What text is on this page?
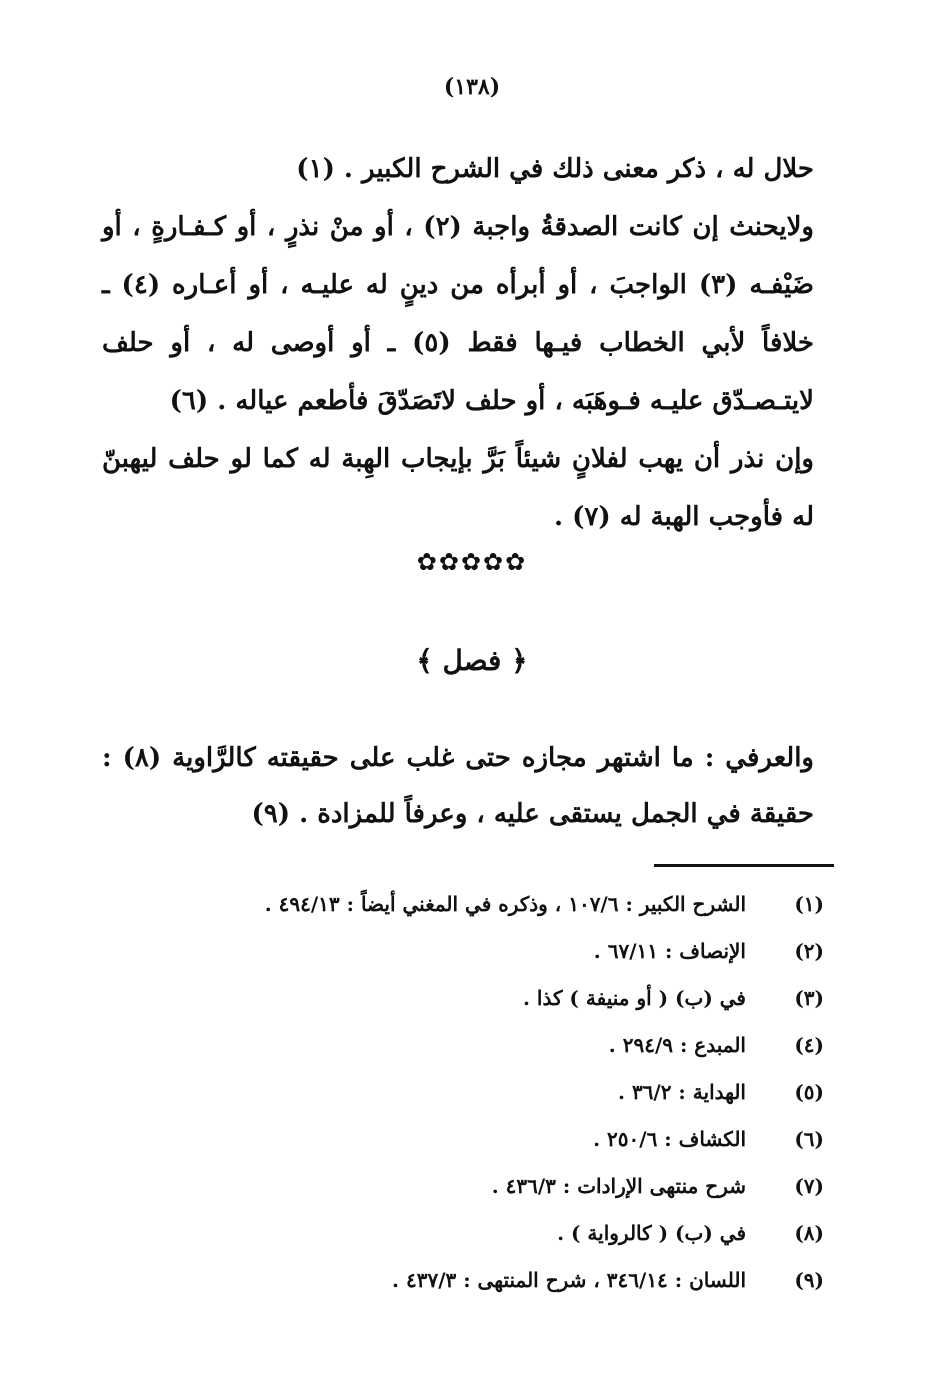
(١٣٨)

حلال له ، ذكر معنى ذلك في الشرح الكبير . (١)

ولايحنث إن كانت الصدقةُ واجبة (٢) ، أو منْ نذرٍ ، أو كـفـارةٍ ، أو ضَيْفـه (٣) الواجبَ ، أو أبرأه من دينٍ له عليـه ، أو أعـاره (٤) ـ خلافاً لأبي الخطاب فيـها فقط (٥) ـ أو أوصى له ، أو حلف لايتـصـدّق عليـه فـوهَبَه ، أو حلف لاتَصَدّقَ فأطعم عياله . (٦)

وإن نذر أن يهب لفلانٍ شيئاً بَرَّ بإيجاب الهِبة له كما لو حلف ليهبنّ له فأوجب الهبة له (٧) .

✿✿✿✿✿
﴿ فصل ﴾

والعرفي : ما اشتهر مجازه حتى غلب على حقيقته كالرَّاوية (٨) : حقيقة في الجمل يستقى عليه ، وعرفاً للمزادة . (٩)

(١)
الشرح الكبير : ١٠٧/٦ ، وذكره في المغني أيضاً : ٤٩٤/١٣ .
(٢)
الإنصاف : ٦٧/١١ .
(٣)
في (ب) ( أو منيفة ) كذا .
(٤)
المبدع : ٢٩٤/٩ .
(٥)
الهداية : ٣٦/٢ .
(٦)
الكشاف : ٢٥٠/٦ .
(٧)
شرح منتهى الإرادات : ٤٣٦/٣ .
(٨)
في (ب) ( كالرواية ) .
(٩)
اللسان : ٣٤٦/١٤ ، شرح المنتهى : ٤٣٧/٣ .
